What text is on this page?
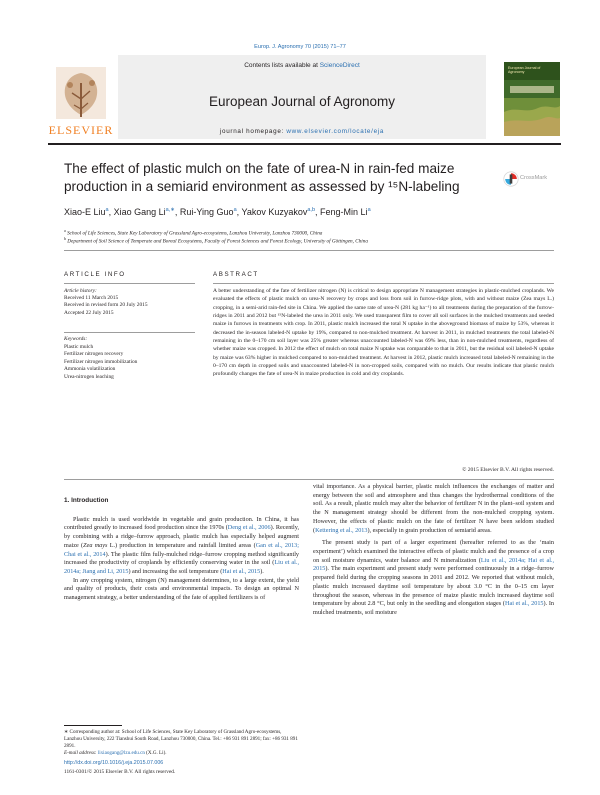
Europ. J. Agronomy 70 (2015) 71–77
ELSEVIER
Contents lists available at ScienceDirect
European Journal of Agronomy
journal homepage: www.elsevier.com/locate/eja
European Journal of Agronomy
The effect of plastic mulch on the fate of urea-N in rain-fed maize production in a semiarid environment as assessed by ¹⁵N-labeling
CrossMark
Xiao-E Liu$^a$, Xiao Gang $Li^{a,∗}$, Rui-Ying Guo$^a$, Yakov Kuzyakov$^{a,b}$, Feng-Min Li$^a$
$^a$ School of Life Sciences, State Key Laboratory of Grassland Agro-ecosystems, Lanzhou University, Lanzhou 730000, China
$^b$ Department of Soil Science of Temperate and Boreal Ecosystems, Faculty of Forest Sciences and Forest Ecology, University of Göttingen, China
ARTICLE INFO	ABSTRACT
Article history:
Received 11 March 2015
Received in revised form 20 July 2015
Accepted 22 July 2015
Keywords:
Plastic mulch
Fertilizer nitrogen recovery
Fertilizer nitrogen immobilization
Ammonia volatilization
Urea-nitrogen leaching
A better understanding of the fate of fertilizer nitrogen (N) is critical to design appropriate N management strategies in plastic-mulched croplands. We evaluated the effects of plastic mulch on urea-N recovery by crops and loss from soil in furrow-ridge plots, with and without maize (Zea mays L.) cropping, in a semi-arid rain-fed site in China. We applied the same rate of urea-N (281 kg ha⁻¹) to all treatments during the preparation of the furrow-ridges in 2011 and 2012 but ¹⁵N-labeled the urea in 2011 only. We used transparent film to cover all soil surfaces in the mulched treatments and seeded maize in furrows in treatments with crop. In 2011, plastic mulch increased the total N uptake in the aboveground biomass of maize by 53%, whereas it decreased the in-season labeled-N uptake by 19%, compared to non-mulched treatment. At harvest in 2011, in mulched treatments the total labeled-N remaining in the 0–170 cm soil layer was 25% greater whereas unaccounted labeled-N was 69% less, than in non-mulched treatments, regardless of whether maize was cropped. In 2012 the effect of mulch on total maize N uptake was comparable to that in 2011, but the residual soil labeled-N uptake by maize was 63% higher in mulched compared to non-mulched treatment. At harvest in 2012, plastic mulch increased total labeled-N remaining in the 0–170 cm depth in cropped soils and unaccounted labeled-N in non-cropped soils, compared with no mulch. Our results indicate that plastic mulch profoundly changes the fate of urea-N in maize production in cold and dry croplands.
© 2015 Elsevier B.V. All rights reserved.
1. Introduction

Plastic mulch is used worldwide in vegetable and grain production. In China, it has contributed greatly to increased food production since the 1970s (Deng et al., 2006). Recently, by combining with a ridge–furrow approach, plastic mulch has especially helped augment maize (Zea mays L.) production in temperature and rainfall limited areas (Gan et al., 2013; Chai et al., 2014). The plastic film fully-mulched ridge–furrow cropping method significantly increased the productivity of croplands by efficiently conserving water in the soil (Liu et al., 2014a; Jiang and Li, 2015) and increasing the soil temperature (Hai et al., 2015).

In any cropping system, nitrogen (N) management determines, to a large extent, the yield and quality of products, their costs and environmental impacts. To design an optimal N management strategy, a better understanding of the fate of applied fertilizers is of

vital importance. As a physical barrier, plastic mulch influences the exchanges of matter and energy between the soil and atmosphere and thus changes the hydrothermal conditions of the soil. As a result, plastic mulch may alter the behavior of fertilizer N in the plant–soil system and the N management strategy should be different from the non-mulched cropping system. However, the effects of plastic mulch on the fate of fertilizer N have been seldom studied (Kettering et al., 2013), especially in grain production of semiarid areas.

The present study is part of a larger experiment (hereafter referred to as the ‘main experiment’) which examined the interactive effects of plastic mulch and the presence of a crop on soil moisture dynamics, water balance and N mineralization (Liu et al., 2014a; Hai et al., 2015). The main experiment and present study were performed continuously in a ridge–furrow prepared field during the cropping seasons in 2011 and 2012. We reported that without mulch, plastic mulch increased daytime soil temperature by about 3.0 °C in the 0–15 cm layer throughout the season, whereas in the presence of maize plastic mulch increased daytime soil temperature by about 2.8 °C, but only in the seedling and elongation stages (Hai et al., 2015). In mulched treatments, soil moisture

∗ Corresponding author at: School of Life Sciences, State Key Laboratory of Grassland Agro-ecosystems, Lanzhou University, 222 Tianshui South Road, Lanzhou 730000, China. Tel.: +86 931 891 2891; fax: +86 931 891 2891.
E-mail address: lixiaogang@lzu.edu.cn (X.G. Li).
http://dx.doi.org/10.1016/j.eja.2015.07.006
1161-0301/© 2015 Elsevier B.V. All rights reserved.
